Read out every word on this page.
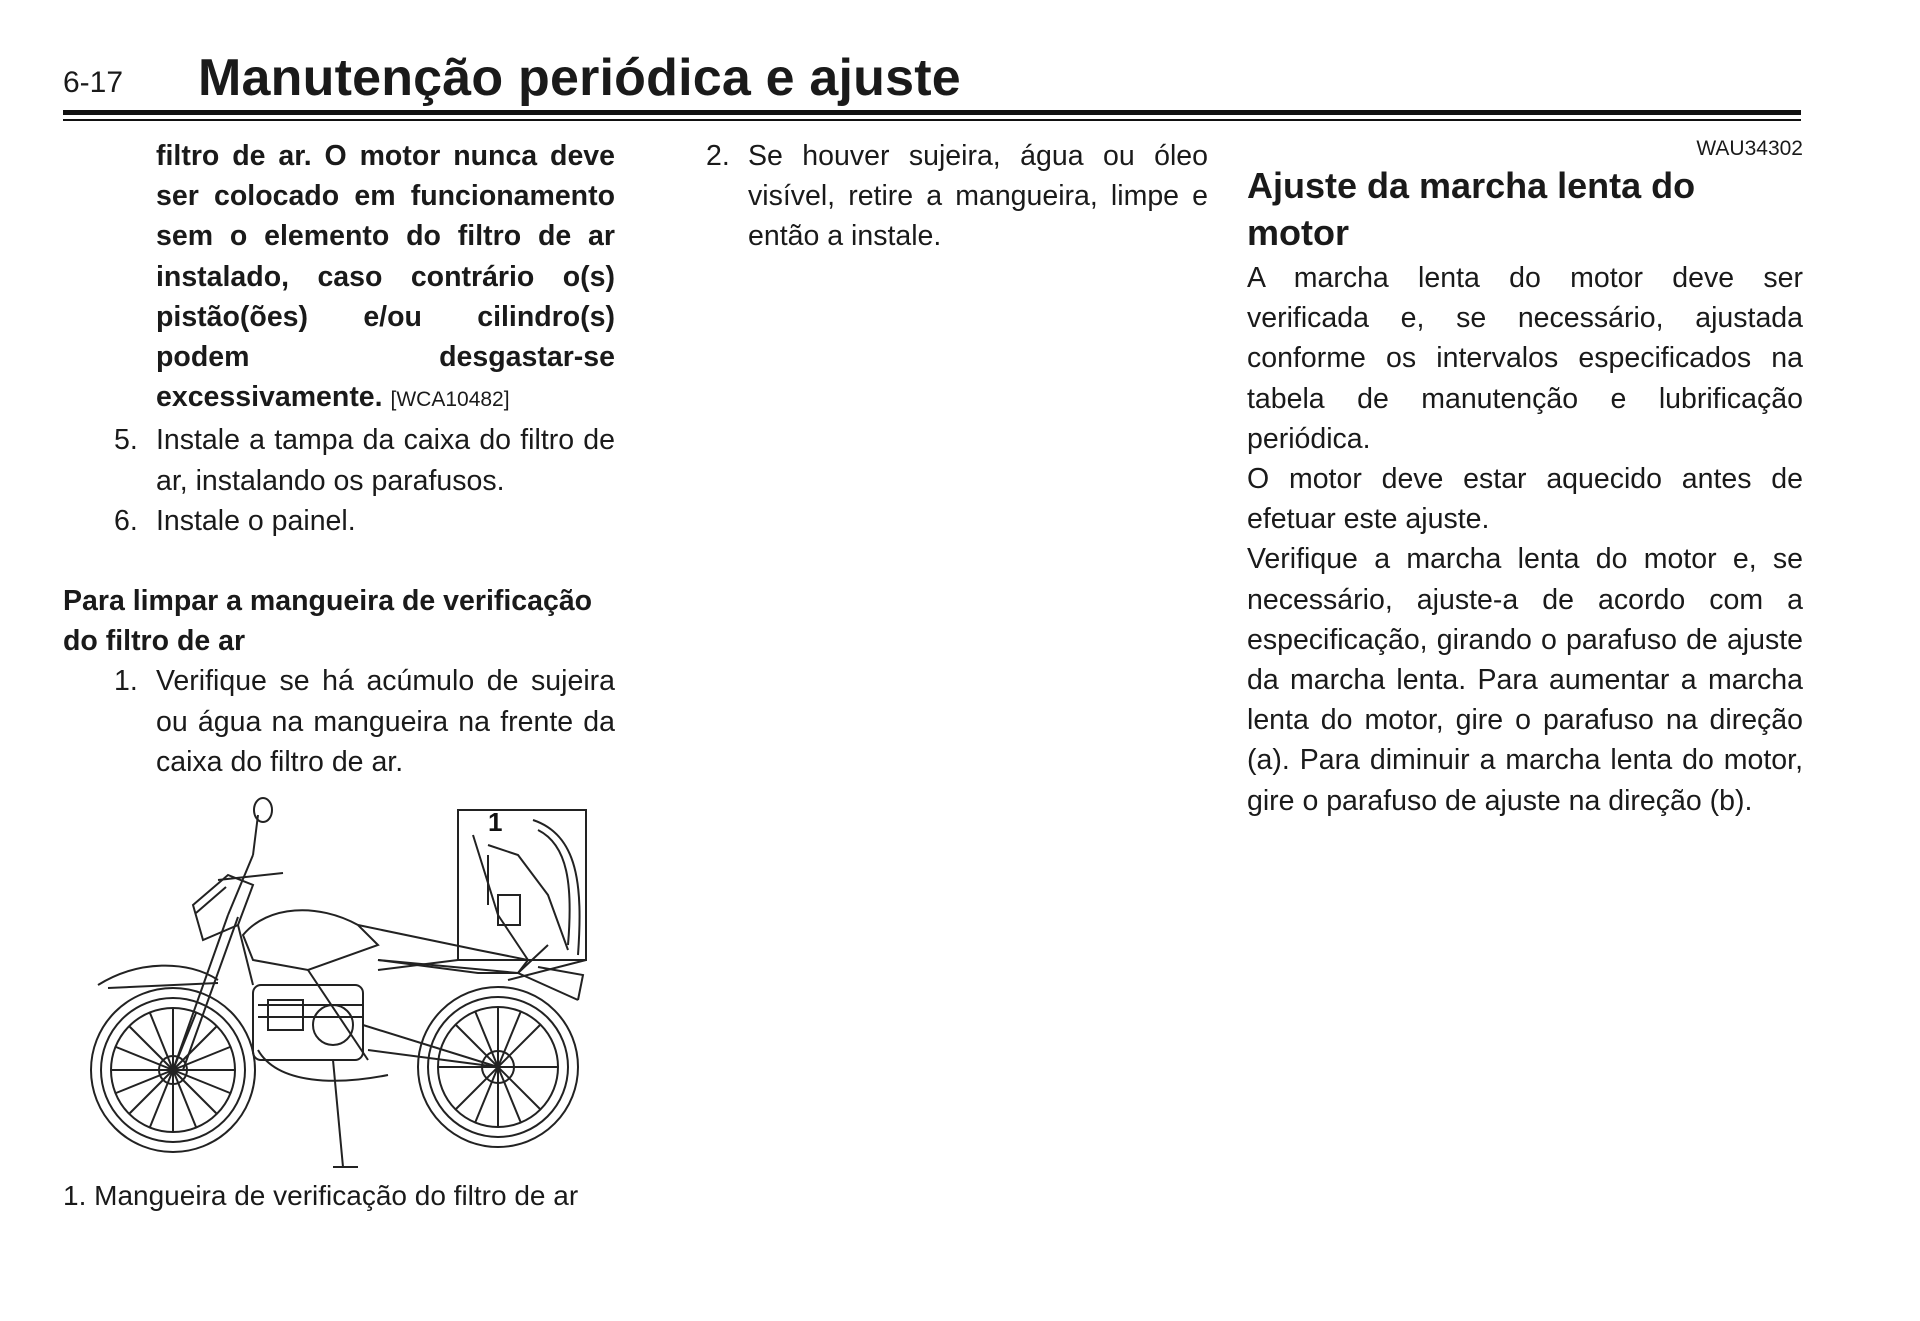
6-17 Manutenção periódica e ajuste

filtro de ar. O motor nunca deve ser colocado em funcionamento sem o elemento do filtro de ar instalado, caso contrário o(s) pistão(ões) e/ou cilindro(s) podem desgastar-se excessivamente. [WCA10482]

5. Instale a tampa da caixa do filtro de ar, instalando os parafusos.

6. Instale o painel.

Para limpar a mangueira de verificação do filtro de ar

1. Verifique se há acúmulo de sujeira ou água na mangueira na frente da caixa do filtro de ar.

1
1. Mangueira de verificação do filtro de ar
2. Se houver sujeira, água ou óleo visível, retire a mangueira, limpe e então a instale.

WAU34302

Ajuste da marcha lenta do motor

A marcha lenta do motor deve ser verificada e, se necessário, ajustada conforme os intervalos especificados na tabela de manutenção e lubrificação periódica.

O motor deve estar aquecido antes de efetuar este ajuste.

Verifique a marcha lenta do motor e, se necessário, ajuste-a de acordo com a especificação, girando o parafuso de ajuste da marcha lenta. Para aumentar a marcha lenta do motor, gire o parafuso na direção (a). Para diminuir a marcha lenta do motor, gire o parafuso de ajuste na direção (b).
